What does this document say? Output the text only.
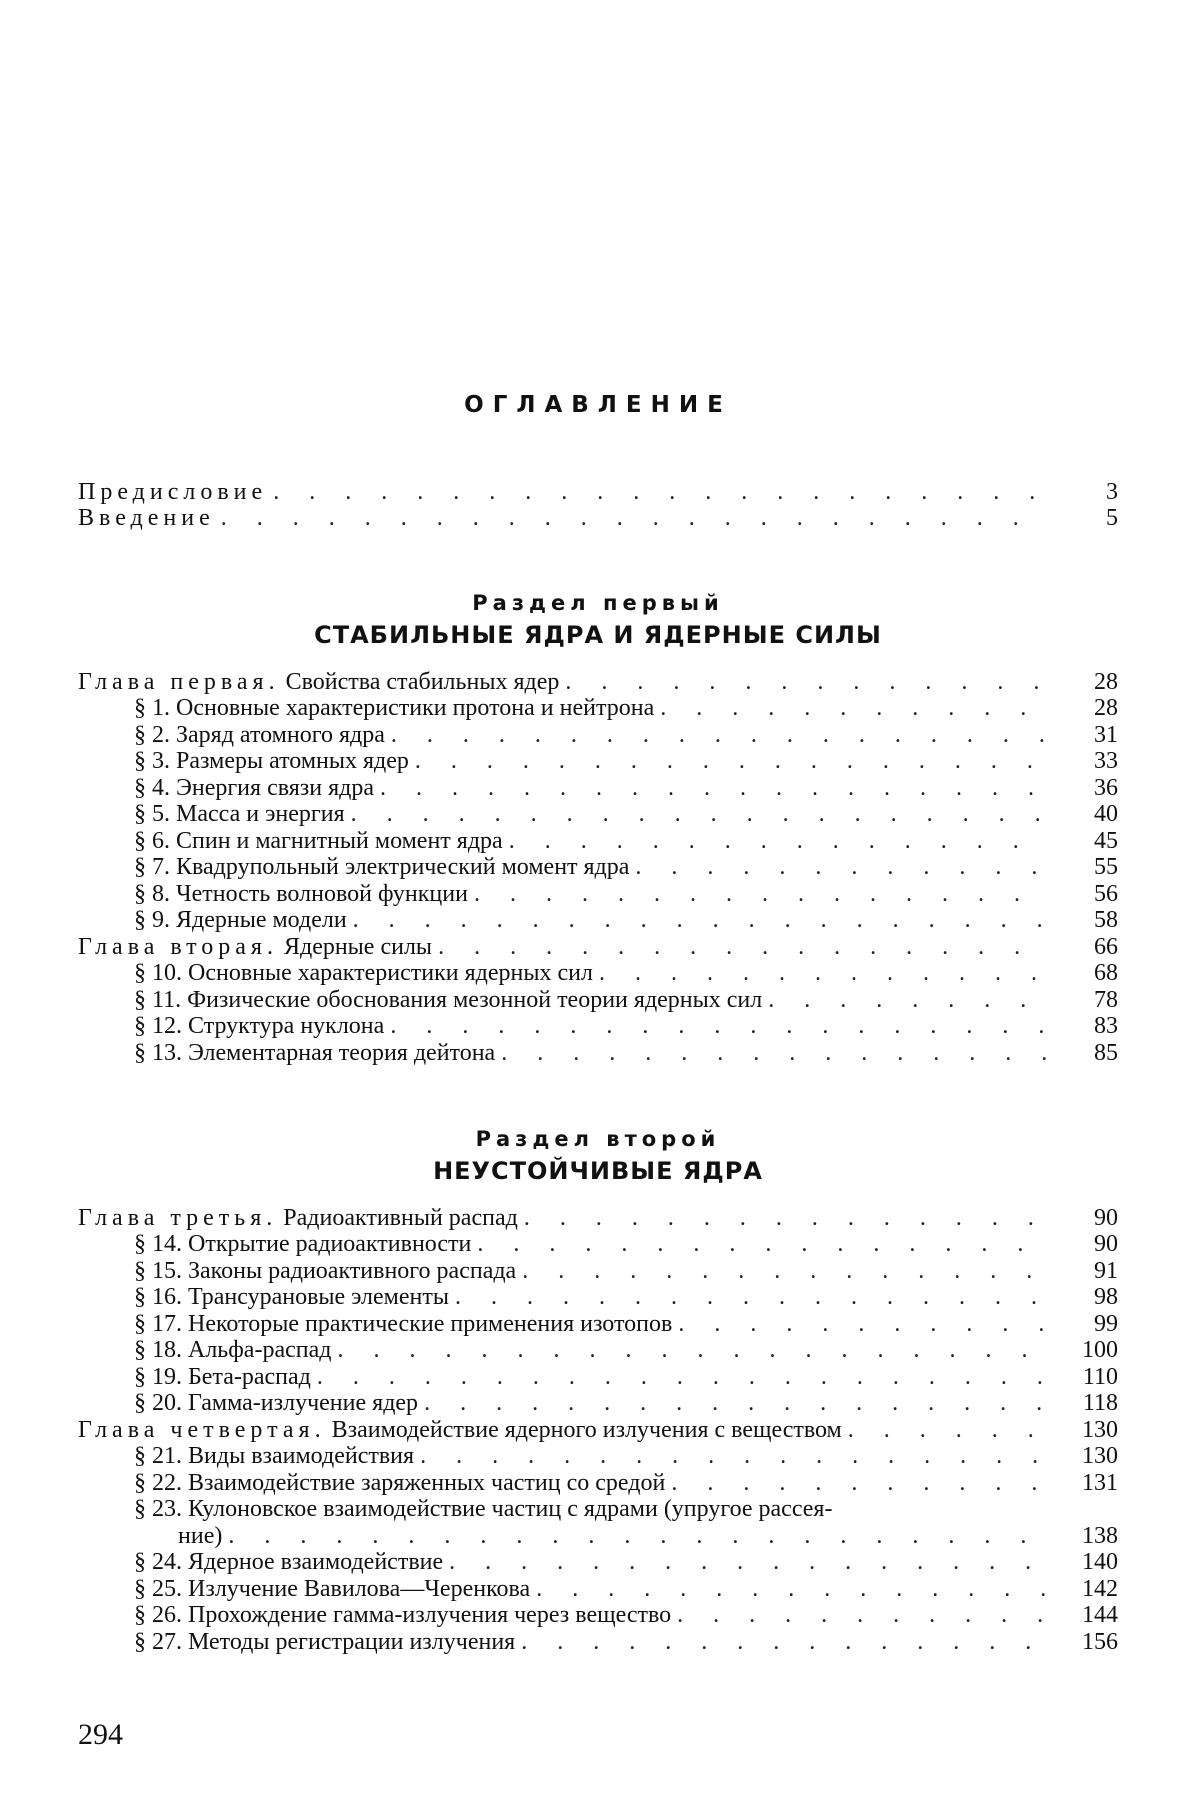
ОГЛАВЛЕНИЕ
Предисловие . . .	3
Введение . . .	5
Раздел первый
СТАБИЛЬНЫЕ ЯДРА И ЯДЕРНЫЕ СИЛЫ
Глава первая. Свойства стабильных ядер . . .	28
§ 1. Основные характеристики протона и нейтрона . . .	28
§ 2. Заряд атомного ядра . . .	31
§ 3. Размеры атомных ядер . . .	33
§ 4. Энергия связи ядра . . .	36
§ 5. Масса и энергия . . .	40
§ 6. Спин и магнитный момент ядра . . .	45
§ 7. Квадрупольный электрический момент ядра . . .	55
§ 8. Четность волновой функции . . .	56
§ 9. Ядерные модели . . .	58
Глава вторая. Ядерные силы . . .	66
§ 10. Основные характеристики ядерных сил . . .	68
§ 11. Физические обоснования мезонной теории ядерных сил . . .	78
§ 12. Структура нуклона . . .	83
§ 13. Элементарная теория дейтона . . .	85
Раздел второй
НЕУСТОЙЧИВЫЕ ЯДРА
Глава третья. Радиоактивный распад . . .	90
§ 14. Открытие радиоактивности . . .	90
§ 15. Законы радиоактивного распада . . .	91
§ 16. Трансурановые элементы . . .	98
§ 17. Некоторые практические применения изотопов . . .	99
§ 18. Альфа-распад . . .	100
§ 19. Бета-распад . . .	110
§ 20. Гамма-излучение ядер . . .	118
Глава четвертая. Взаимодействие ядерного излучения с веществом . . .	130
§ 21. Виды взаимодействия . . .	130
§ 22. Взаимодействие заряженных частиц со средой . . .	131
§ 23. Кулоновское взаимодействие частиц с ядрами (упругое рассея-
ние) . . .	138
§ 24. Ядерное взаимодействие . . .	140
§ 25. Излучение Вавилова—Черенкова . . .	142
§ 26. Прохождение гамма-излучения через вещество . . .	144
§ 27. Методы регистрации излучения . . .	156
294
